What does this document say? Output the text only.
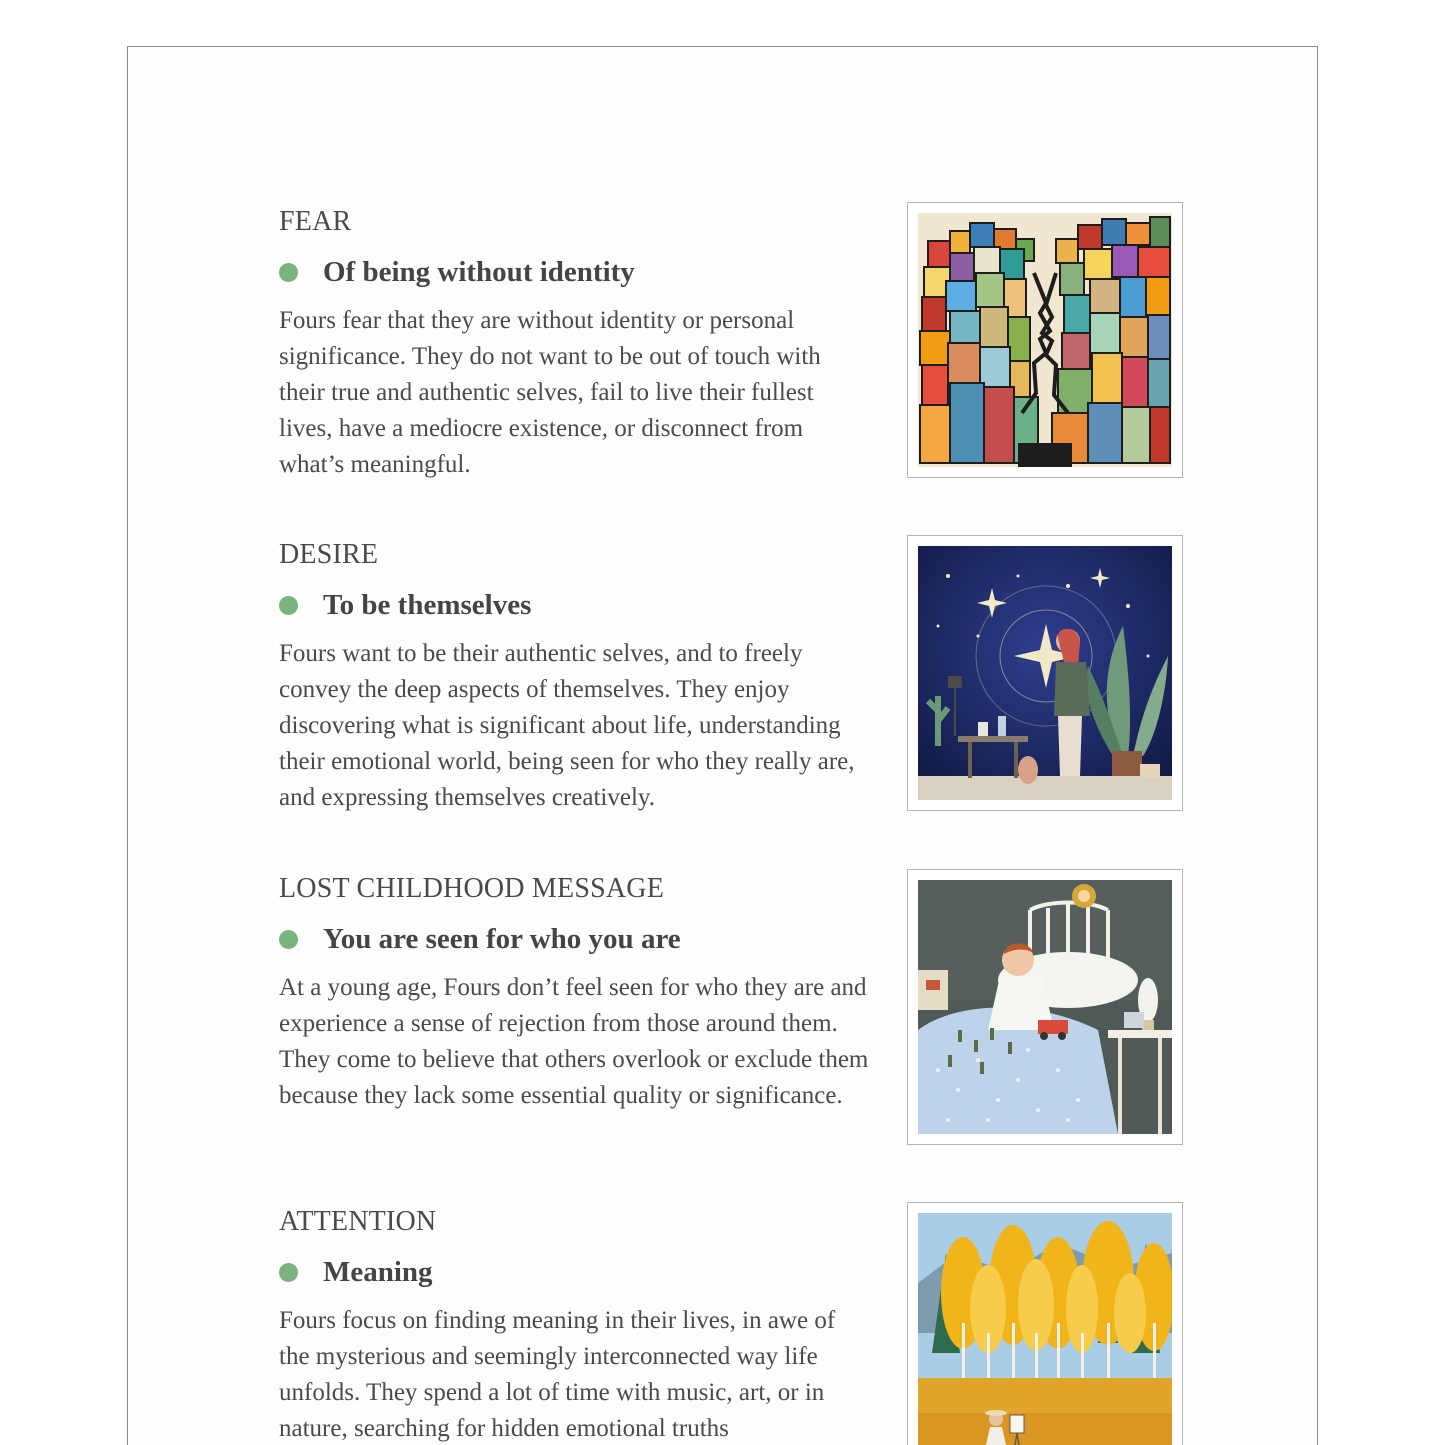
FEAR
Of being without identity
Fours fear that they are without identity or personal significance. They do not want to be out of touch with their true and authentic selves, fail to live their fullest lives, have a mediocre existence, or disconnect from what’s meaningful.
DESIRE
To be themselves
Fours want to be their authentic selves, and to freely convey the deep aspects of themselves. They enjoy discovering what is significant about life, understanding their emotional world, being seen for who they really are, and expressing themselves creatively.
LOST CHILDHOOD MESSAGE
You are seen for who you are
At a young age, Fours don’t feel seen for who they are and experience a sense of rejection from those around them. They come to believe that others overlook or exclude them because they lack some essential quality or significance.
ATTENTION
Meaning
Fours focus on finding meaning in their lives, in awe of the mysterious and seemingly interconnected way life unfolds. They spend a lot of time with music, art, or in nature, searching for hidden emotional truths
